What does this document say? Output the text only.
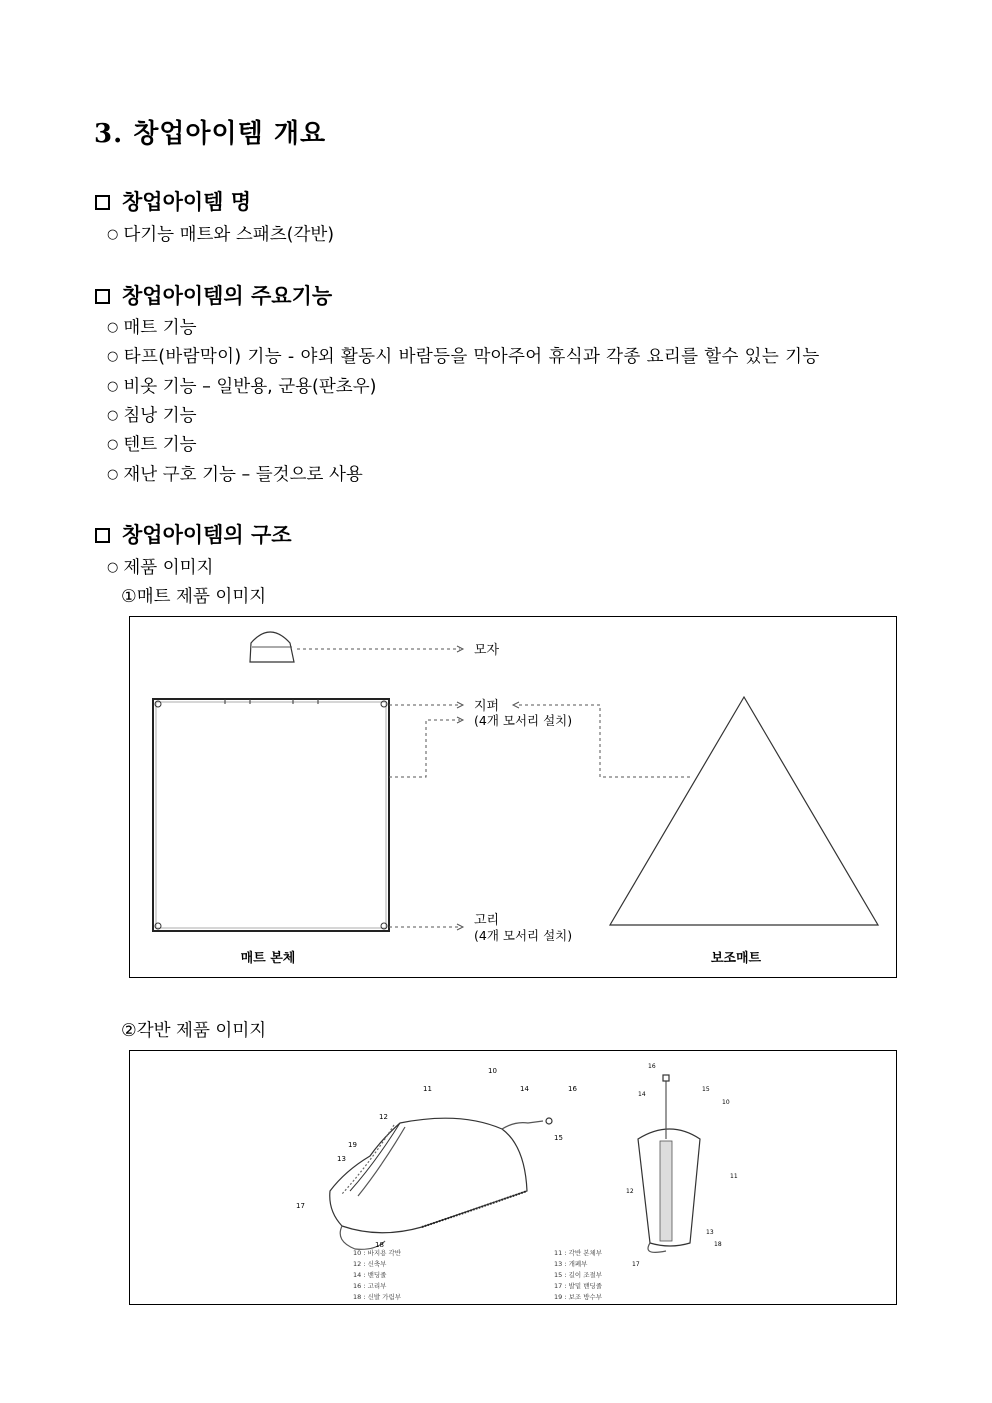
3. 창업아이템 개요
창업아이템 명
○ 다기능 매트와 스패츠(각반)
창업아이템의 주요기능
○ 매트 기능
○ 타프(바람막이) 기능 - 야외 활동시 바람등을 막아주어 휴식과 각종 요리를 할수 있는 기능
○ 비옷 기능 – 일반용, 군용(판초우)
○ 침낭 기능
○ 텐트 기능
○ 재난 구호 기능 – 들것으로 사용
창업아이템의 구조
○ 제품 이미지
①매트 제품 이미지
모자
지퍼
(4개 모서리 설치)
고리
(4개 모서리 설치)
매트 본체	보조매트
②각반 제품 이미지
10
11
12
13
14
15
16
17
18
19
16
14
15
10
11
12
13
18
17
10 : 바지용 각반	11 : 각반 본체부
12 : 신축부	13 : 개폐부
14 : 밴딩줄	15 : 길이 조절부
16 : 고리부	17 : 발밑 밴딩줄
18 : 신발 가림부	19 : 보조 방수부
